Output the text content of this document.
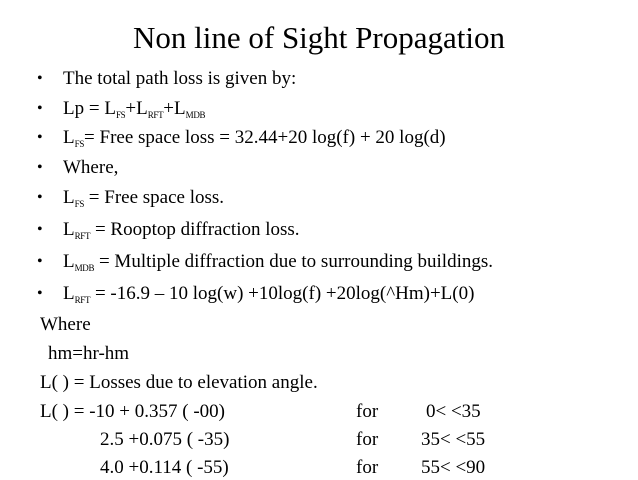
Non line of Sight Propagation
• The total path loss is given by:
• $Lp = L_{FS}+L_{RFT}+L_{MDB}$
• $L_{FS}=$ Free space loss = 32.44+20 log(f) + 20 log(d)
• Where,
• $L_{FS}$ = Free space loss.
• $L_{RFT}$ = Rooptop diffraction loss.
• $L_{MDB}$ = Multiple diffraction due to surrounding buildings.
• $L_{RFT} = -16.9 - 10$ log(w) +10log(f) +20log(^Hm)+L(0)
Where
hm=hr-hm
L( ) = Losses due to elevation angle.
L( ) = -10 + 0.357 ( -00)	for	0< <35
2.5 +0.075 ( -35)	for 35< <55
4.0 +0.114 ( -55)	for 55< <90
